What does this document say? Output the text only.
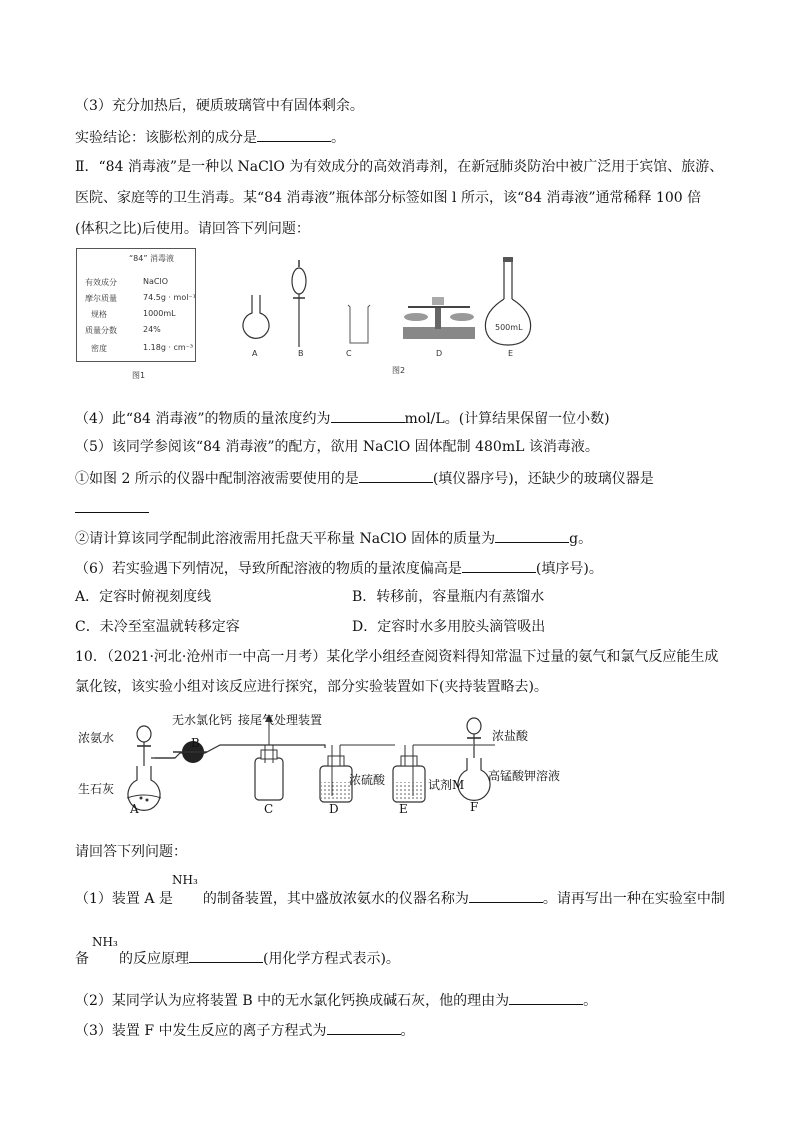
（3）充分加热后，硬质玻璃管中有固体剩余。
实验结论：该膨松剂的成分是	。
Ⅱ．“84 消毒液”是一种以 NaClO 为有效成分的高效消毒剂，在新冠肺炎防治中被广泛用于宾馆、旅游、
医院、家庭等的卫生消毒。某“84 消毒液”瓶体部分标签如图 l 所示，该“84 消毒液”通常稀释 100 倍
(体积之比)后使用。请回答下列问题：
“84” 消毒液
有效成分	NaClO
摩尔质量	74.5g · mol⁻¹
规格	1000mL
质量分数	24%
密度	1.18g · cm⁻³
图1
500mL
A	B	C	D	E
图2
（4）此“84 消毒液”的物质的量浓度约为	mol/L。(计算结果保留一位小数)
（5）该同学参阅该“84 消毒液”的配方，欲用 NaClO 固体配制 480mL 该消毒液。
①如图 2 所示的仪器中配制溶液需要使用的是	(填仪器序号)，还缺少的玻璃仪器是
②请计算该同学配制此溶液需用托盘天平称量 NaClO 固体的质量为	g。
（6）若实验遇下列情况，导致所配溶液的物质的量浓度偏高是	(填序号)。
A．定容时俯视刻度线	B．转移前，容量瓶内有蒸馏水
C．未冷至室温就转移定容	D．定容时水多用胶头滴管吸出
10．（2021·河北·沧州市一中高一月考）某化学小组经查阅资料得知常温下过量的氨气和氯气反应能生成
氯化铵，该实验小组对该反应进行探究，部分实验装置如下(夹持装置略去)。
浓氨水
无水氯化钙 接尾气处理装置
浓盐酸
生石灰
浓硫酸	试剂M
高锰酸钾溶液
A
B
C	D	E	F
请回答下列问题：
NH₃
（1）装置 A 是 的制备装置，其中盛放浓氨水的仪器名称为	。请再写出一种在实验室中制
NH₃
备 的反应原理	(用化学方程式表示)。
（2）某同学认为应将装置 B 中的无水氯化钙换成碱石灰，他的理由为	。
（3）装置 F 中发生反应的离子方程式为	。
